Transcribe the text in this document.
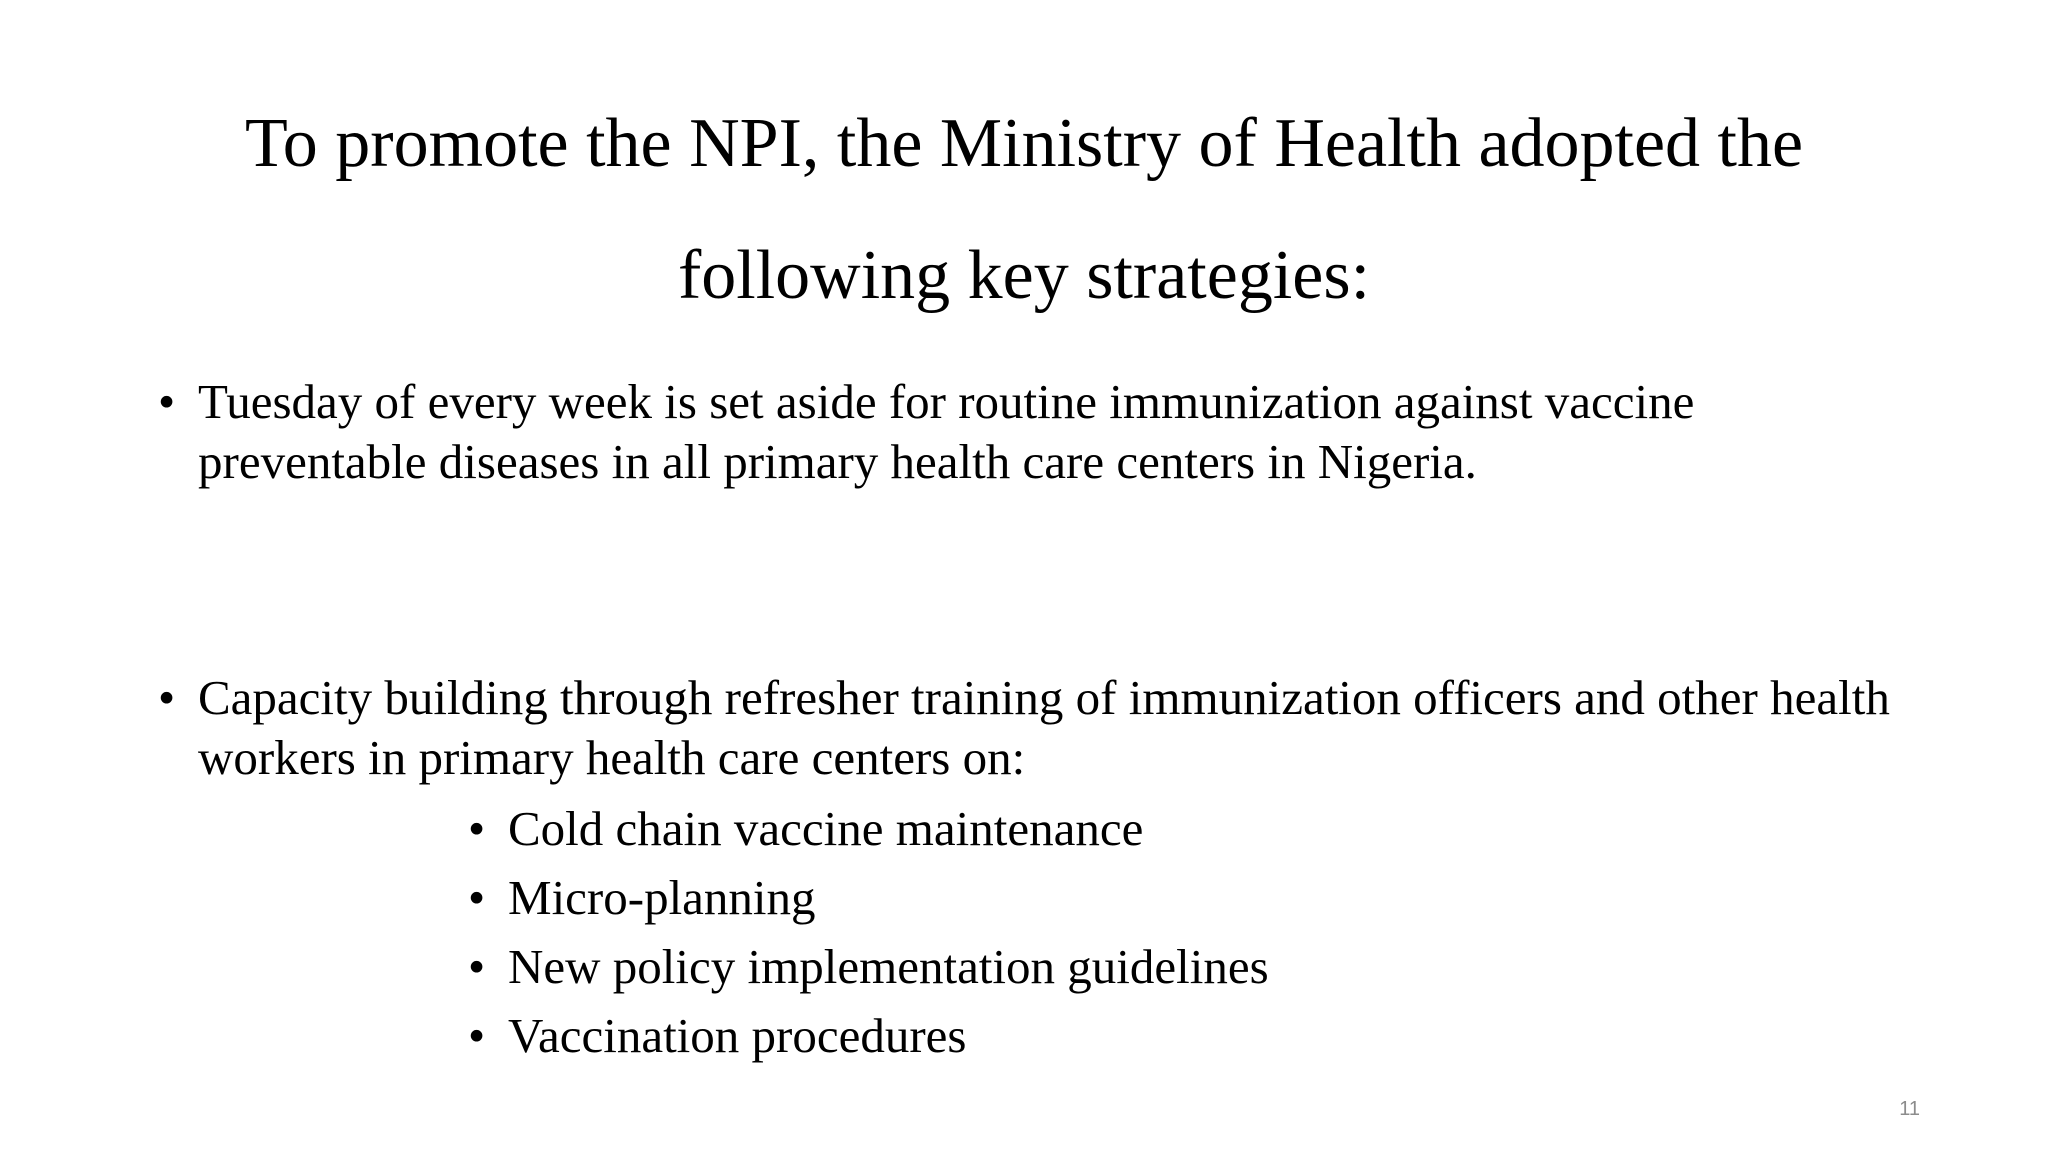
To promote the NPI, the Ministry of Health adopted the following key strategies:
• Tuesday of every week is set aside for routine immunization against vaccine preventable diseases in all primary health care centers in Nigeria.
• Capacity building through refresher training of immunization officers and other health workers in primary health care centers on:
• Cold chain vaccine maintenance
• Micro-planning
• New policy implementation guidelines
• Vaccination procedures
11
